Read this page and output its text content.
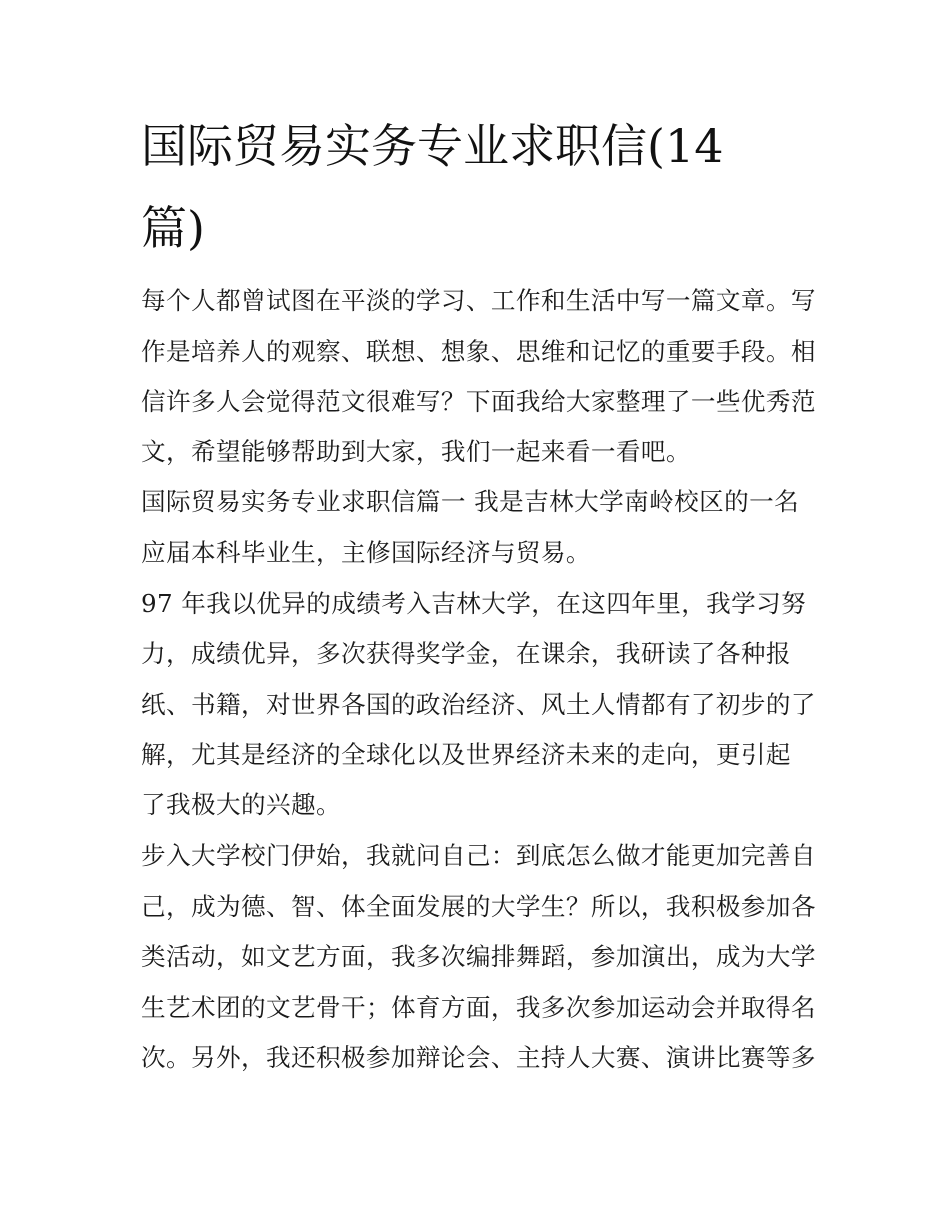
国际贸易实务专业求职信(14
篇)
每个人都曾试图在平淡的学习、工作和生活中写一篇文章。写
作是培养人的观察、联想、想象、思维和记忆的重要手段。相
信许多人会觉得范文很难写？下面我给大家整理了一些优秀范
文，希望能够帮助到大家，我们一起来看一看吧。
国际贸易实务专业求职信篇一 我是吉林大学南岭校区的一名
应届本科毕业生，主修国际经济与贸易。
97 年我以优异的成绩考入吉林大学，在这四年里，我学习努
力，成绩优异，多次获得奖学金，在课余，我研读了各种报
纸、书籍，对世界各国的政治经济、风土人情都有了初步的了
解，尤其是经济的全球化以及世界经济未来的走向，更引起
了我极大的兴趣。
步入大学校门伊始，我就问自己：到底怎么做才能更加完善自
己，成为德、智、体全面发展的大学生？所以，我积极参加各
类活动，如文艺方面，我多次编排舞蹈，参加演出，成为大学
生艺术团的文艺骨干；体育方面，我多次参加运动会并取得名
次。另外，我还积极参加辩论会、主持人大赛、演讲比赛等多
